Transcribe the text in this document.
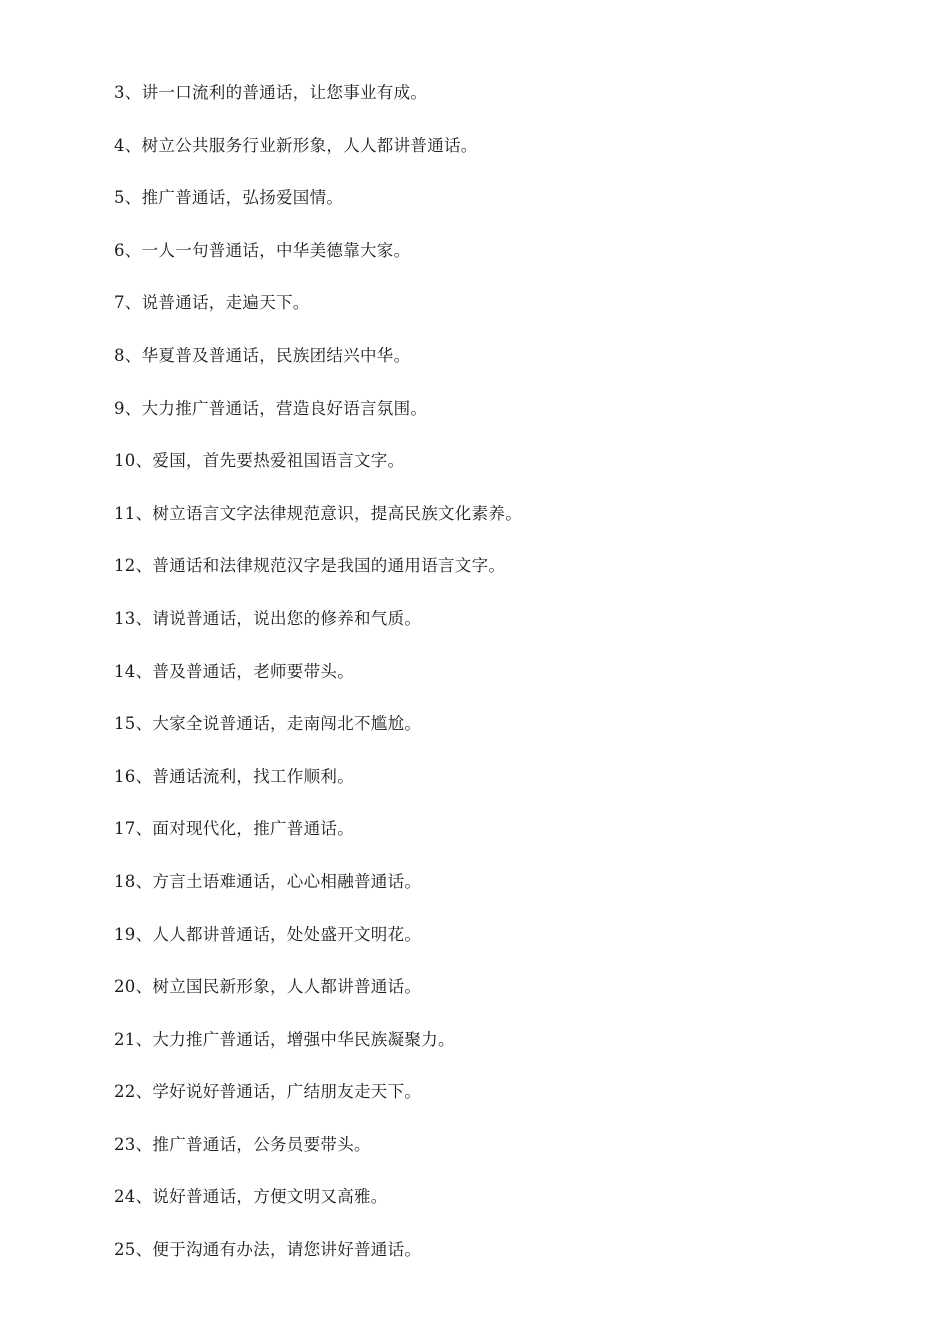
3、讲一口流利的普通话，让您事业有成。
4、树立公共服务行业新形象，人人都讲普通话。
5、推广普通话，弘扬爱国情。
6、一人一句普通话，中华美德靠大家。
7、说普通话，走遍天下。
8、华夏普及普通话，民族团结兴中华。
9、大力推广普通话，营造良好语言氛围。
10、爱国，首先要热爱祖国语言文字。
11、树立语言文字法律规范意识，提高民族文化素养。
12、普通话和法律规范汉字是我国的通用语言文字。
13、请说普通话，说出您的修养和气质。
14、普及普通话，老师要带头。
15、大家全说普通话，走南闯北不尴尬。
16、普通话流利，找工作顺利。
17、面对现代化，推广普通话。
18、方言土语难通话，心心相融普通话。
19、人人都讲普通话，处处盛开文明花。
20、树立国民新形象，人人都讲普通话。
21、大力推广普通话，增强中华民族凝聚力。
22、学好说好普通话，广结朋友走天下。
23、推广普通话，公务员要带头。
24、说好普通话，方便文明又高雅。
25、便于沟通有办法，请您讲好普通话。
